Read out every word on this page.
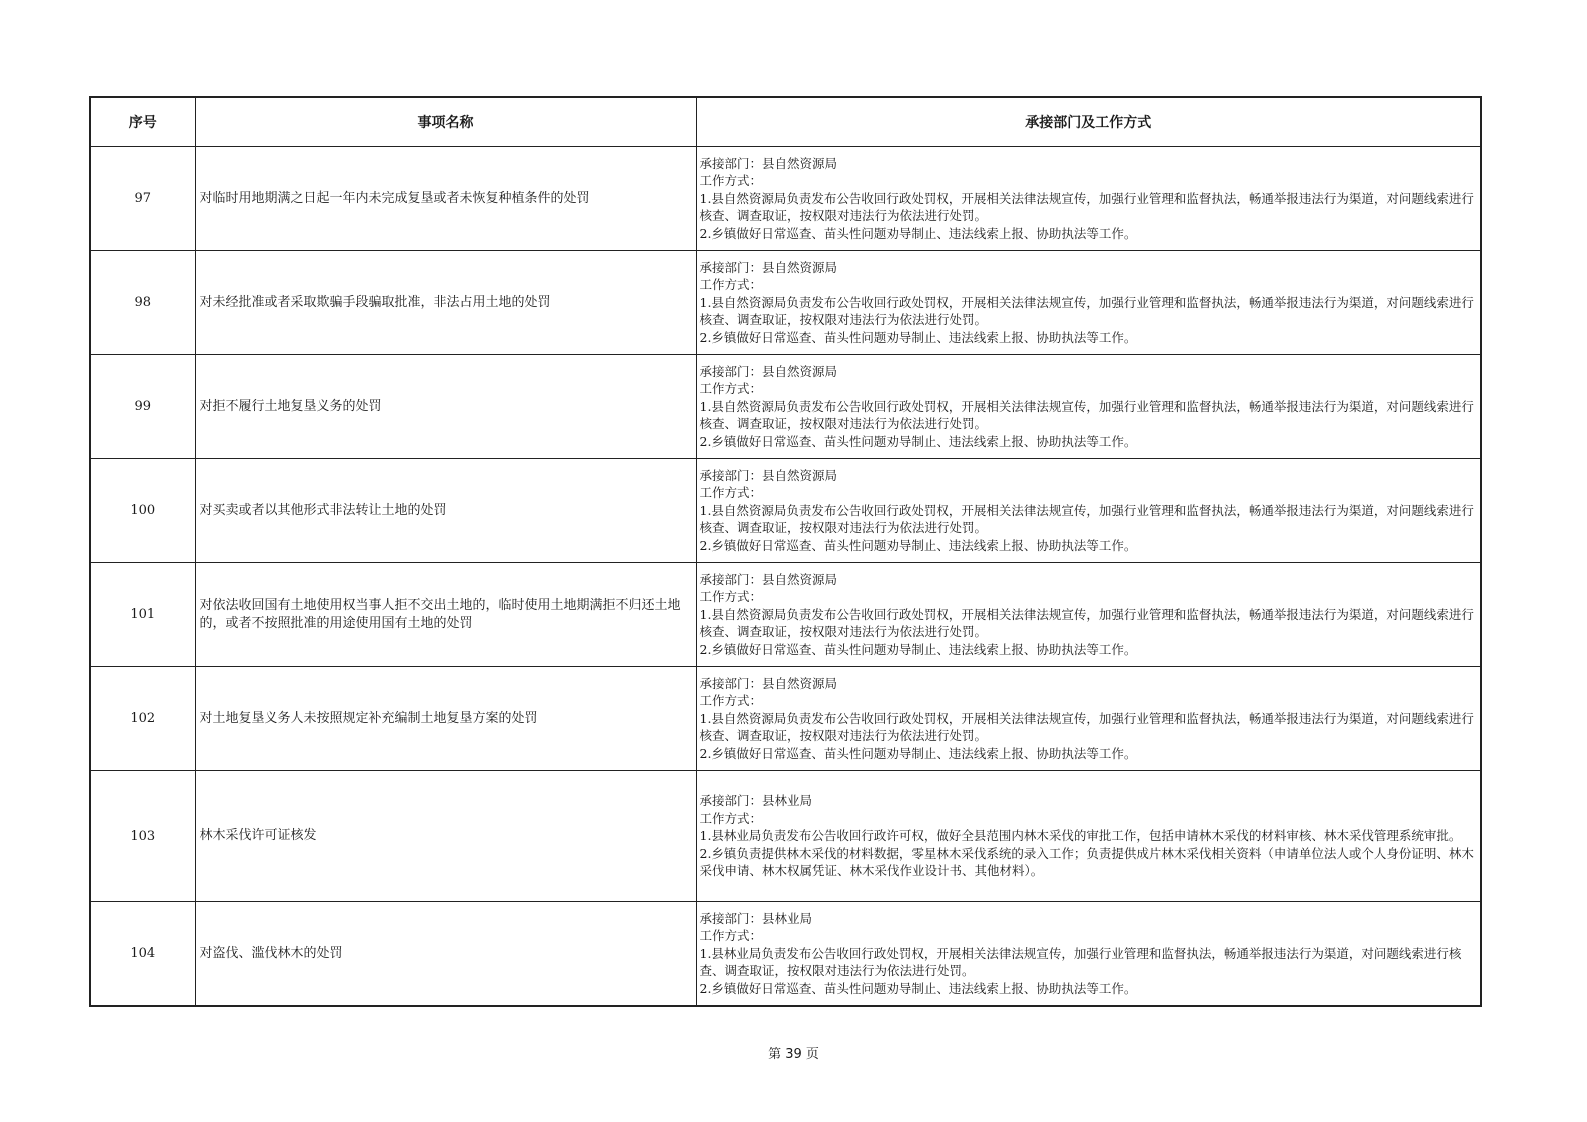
序号	事项名称	承接部门及工作方式
97	对临时用地期满之日起一年内未完成复垦或者未恢复种植条件的处罚	承接部门：县自然资源局
工作方式：
1.县自然资源局负责发布公告收回行政处罚权，开展相关法律法规宣传，加强行业管理和监督执法，畅通举报违法行为渠道，对问题线索进行核查、调查取证，按权限对违法行为依法进行处罚。
2.乡镇做好日常巡查、苗头性问题劝导制止、违法线索上报、协助执法等工作。

98	对未经批准或者采取欺骗手段骗取批准，非法占用土地的处罚	承接部门：县自然资源局
工作方式：
1.县自然资源局负责发布公告收回行政处罚权，开展相关法律法规宣传，加强行业管理和监督执法，畅通举报违法行为渠道，对问题线索进行核查、调查取证，按权限对违法行为依法进行处罚。
2.乡镇做好日常巡查、苗头性问题劝导制止、违法线索上报、协助执法等工作。

99	对拒不履行土地复垦义务的处罚	承接部门：县自然资源局
工作方式：
1.县自然资源局负责发布公告收回行政处罚权，开展相关法律法规宣传，加强行业管理和监督执法，畅通举报违法行为渠道，对问题线索进行核查、调查取证，按权限对违法行为依法进行处罚。
2.乡镇做好日常巡查、苗头性问题劝导制止、违法线索上报、协助执法等工作。

100	对买卖或者以其他形式非法转让土地的处罚	承接部门：县自然资源局
工作方式：
1.县自然资源局负责发布公告收回行政处罚权，开展相关法律法规宣传，加强行业管理和监督执法，畅通举报违法行为渠道，对问题线索进行核查、调查取证，按权限对违法行为依法进行处罚。
2.乡镇做好日常巡查、苗头性问题劝导制止、违法线索上报、协助执法等工作。

101	对依法收回国有土地使用权当事人拒不交出土地的，临时使用土地期满拒不归还土地的，或者不按照批准的用途使用国有土地的处罚	承接部门：县自然资源局
工作方式：
1.县自然资源局负责发布公告收回行政处罚权，开展相关法律法规宣传，加强行业管理和监督执法，畅通举报违法行为渠道，对问题线索进行核查、调查取证，按权限对违法行为依法进行处罚。
2.乡镇做好日常巡查、苗头性问题劝导制止、违法线索上报、协助执法等工作。

102	对土地复垦义务人未按照规定补充编制土地复垦方案的处罚	承接部门：县自然资源局
工作方式：
1.县自然资源局负责发布公告收回行政处罚权，开展相关法律法规宣传，加强行业管理和监督执法，畅通举报违法行为渠道，对问题线索进行核查、调查取证，按权限对违法行为依法进行处罚。
2.乡镇做好日常巡查、苗头性问题劝导制止、违法线索上报、协助执法等工作。

103	林木采伐许可证核发	承接部门：县林业局
工作方式：
1.县林业局负责发布公告收回行政许可权，做好全县范围内林木采伐的审批工作，包括申请林木采伐的材料审核、林木采伐管理系统审批。
2.乡镇负责提供林木采伐的材料数据，零星林木采伐系统的录入工作；负责提供成片林木采伐相关资料（申请单位法人或个人身份证明、林木采伐申请、林木权属凭证、林木采伐作业设计书、其他材料）。

104	对盗伐、滥伐林木的处罚	承接部门：县林业局
工作方式：
1.县林业局负责发布公告收回行政处罚权，开展相关法律法规宣传，加强行业管理和监督执法，畅通举报违法行为渠道，对问题线索进行核查、调查取证，按权限对违法行为依法进行处罚。
2.乡镇做好日常巡查、苗头性问题劝导制止、违法线索上报、协助执法等工作。
第 39 页
